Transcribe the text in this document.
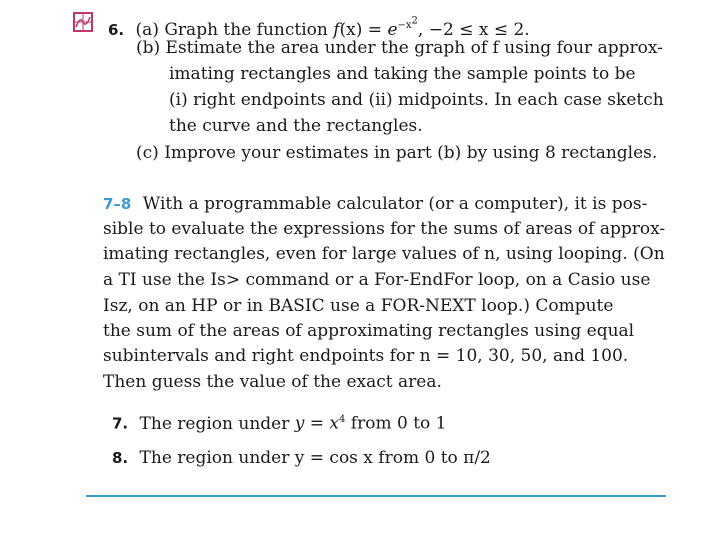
6. (a) Graph the function $f(x) = e^{-x^2}$, −2 ≤ x ≤ 2.
(b) Estimate the area under the graph of f using four approx-
imating rectangles and taking the sample points to be
(i) right endpoints and (ii) midpoints. In each case sketch
the curve and the rectangles.
(c) Improve your estimates in part (b) by using 8 rectangles.
7–8 With a programmable calculator (or a computer), it is pos-
sible to evaluate the expressions for the sums of areas of approx-
imating rectangles, even for large values of n, using looping. (On
a TI use the Is> command or a For-EndFor loop, on a Casio use
Isz, on an HP or in BASIC use a FOR-NEXT loop.) Compute
the sum of the areas of approximating rectangles using equal
subintervals and right endpoints for n = 10, 30, 50, and 100.
Then guess the value of the exact area.
7. The region under $y = x^4$ from 0 to 1
8. The region under y = cos x from 0 to π/2
